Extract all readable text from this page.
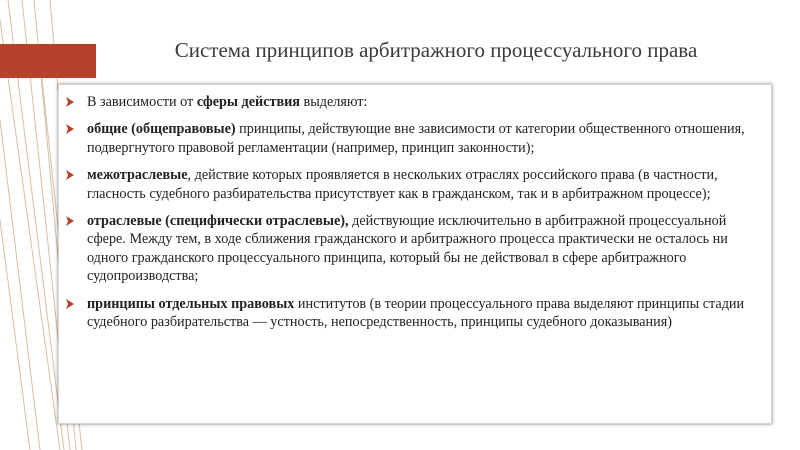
Система принципов арбитражного процессуального права
В зависимости от сферы действия выделяют:
общие (общеправовые) принципы, действующие вне зависимости от категории общественного отношения, подвергнутого правовой регламентации (например, принцип законности);
межотраслевые, действие которых проявляется в нескольких отраслях российского права (в частности, гласность судебного разбирательства присутствует как в гражданском, так и в арбитражном процессе);
отраслевые (специфически отраслевые), действующие исключительно в арбитражной процессуальной сфере. Между тем, в ходе сближения гражданского и арбитражного процесса практически не осталось ни одного гражданского процессуального принципа, который бы не действовал в сфере арбитражного судопроизводства;
принципы отдельных правовых институтов (в теории процессуального права выделяют принципы стадии судебного разбирательства — устность, непосредственность, принципы судебного доказывания)
